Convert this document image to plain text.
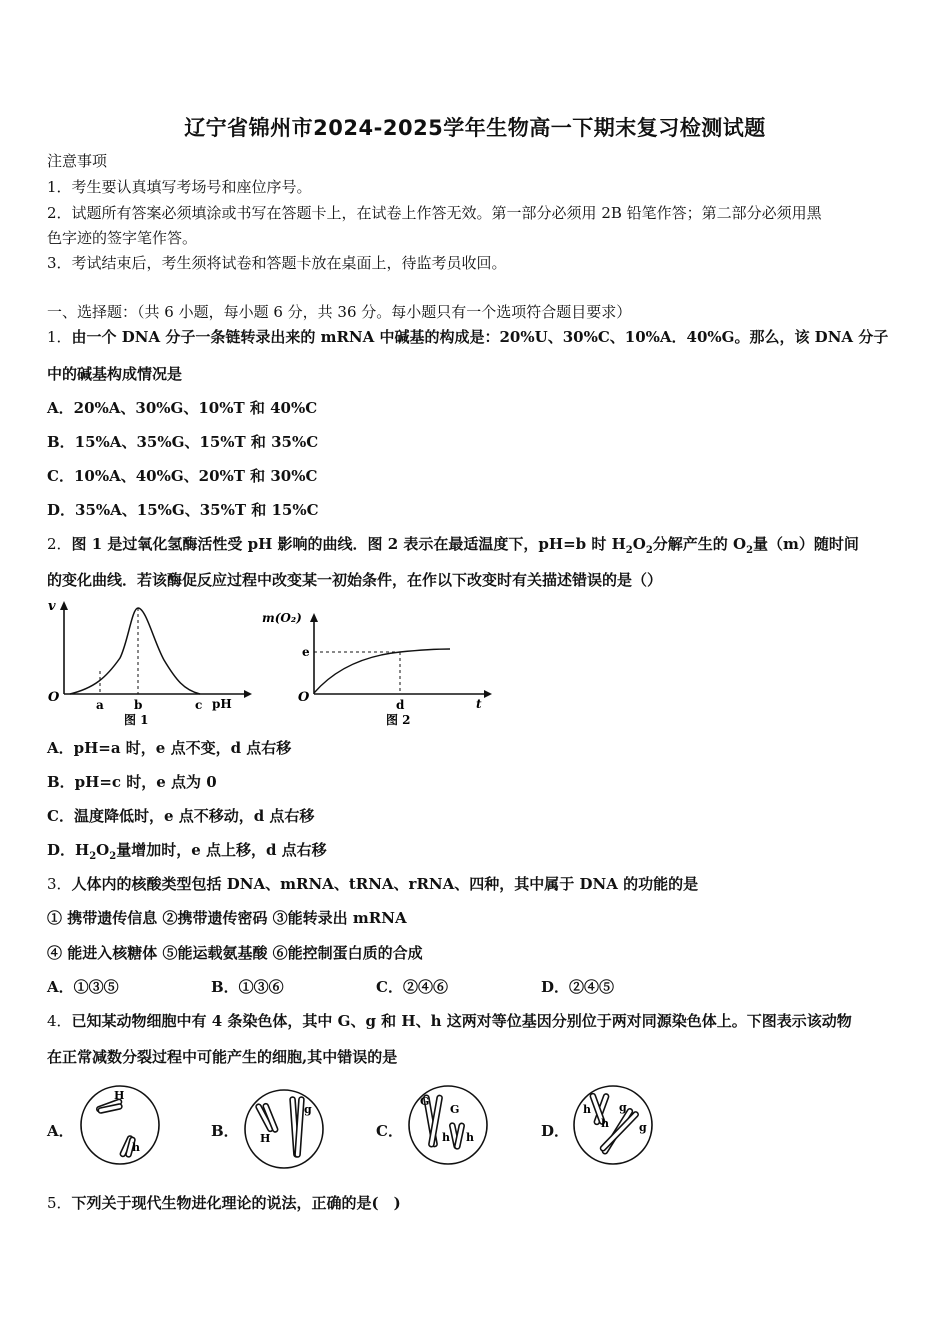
辽宁省锦州市2024-2025学年生物高一下期末复习检测试题
注意事项
1．考生要认真填写考场号和座位序号。
2．试题所有答案必须填涂或书写在答题卡上，在试卷上作答无效。第一部分必须用 2B 铅笔作答；第二部分必须用黑
色字迹的签字笔作答。
3．考试结束后，考生须将试卷和答题卡放在桌面上，待监考员收回。
一、选择题：（共 6 小题，每小题 6 分，共 36 分。每小题只有一个选项符合题目要求）
1．由一个 DNA 分子一条链转录出来的 mRNA 中碱基的构成是：20%U、30%C、10%A．40%G。那么，该 DNA 分子
中的碱基构成情况是
A．20%A、30%G、10%T 和 40%C
B．15%A、35%G、15%T 和 35%C
C．10%A、40%G、20%T 和 30%C
D．35%A、15%G、35%T 和 15%C
2．图 1 是过氧化氢酶活性受 pH 影响的曲线．图 2 表示在最适温度下，pH=b 时 $H_2O_2$分解产生的 $O_2$量（m）随时间
的变化曲线．若该酶促反应过程中改变某一初始条件，在作以下改变时有关描述错误的是（）
v
O	a	b	c pH
图 1
m(O₂)
O
e
d	t
图 2
A．pH=a 时，e 点不变，d 点右移
B．pH=c 时，e 点为 0
C．温度降低时，e 点不移动，d 点右移
D．$H_2O_2$量增加时，e 点上移，d 点右移
3．人体内的核酸类型包括 DNA、mRNA、tRNA、rRNA、四种，其中属于 DNA 的功能的是
① 携带遗传信息 ②携带遗传密码 ③能转录出 mRNA
④ 能进入核糖体 ⑤能运载氨基酸 ⑥能控制蛋白质的合成
A．①③⑤	B．①③⑥	C．②④⑥	D．②④⑤
4．已知某动物细胞中有 4 条染色体，其中 G、g 和 H、h 这两对等位基因分别位于两对同源染色体上。下图表示该动物
在正常减数分裂过程中可能产生的细胞,其中错误的是
A．
H
h
B． H
g
C．
G
G
h h	D．
h
h
g
g
5．下列关于现代生物进化理论的说法，正确的是(　)
